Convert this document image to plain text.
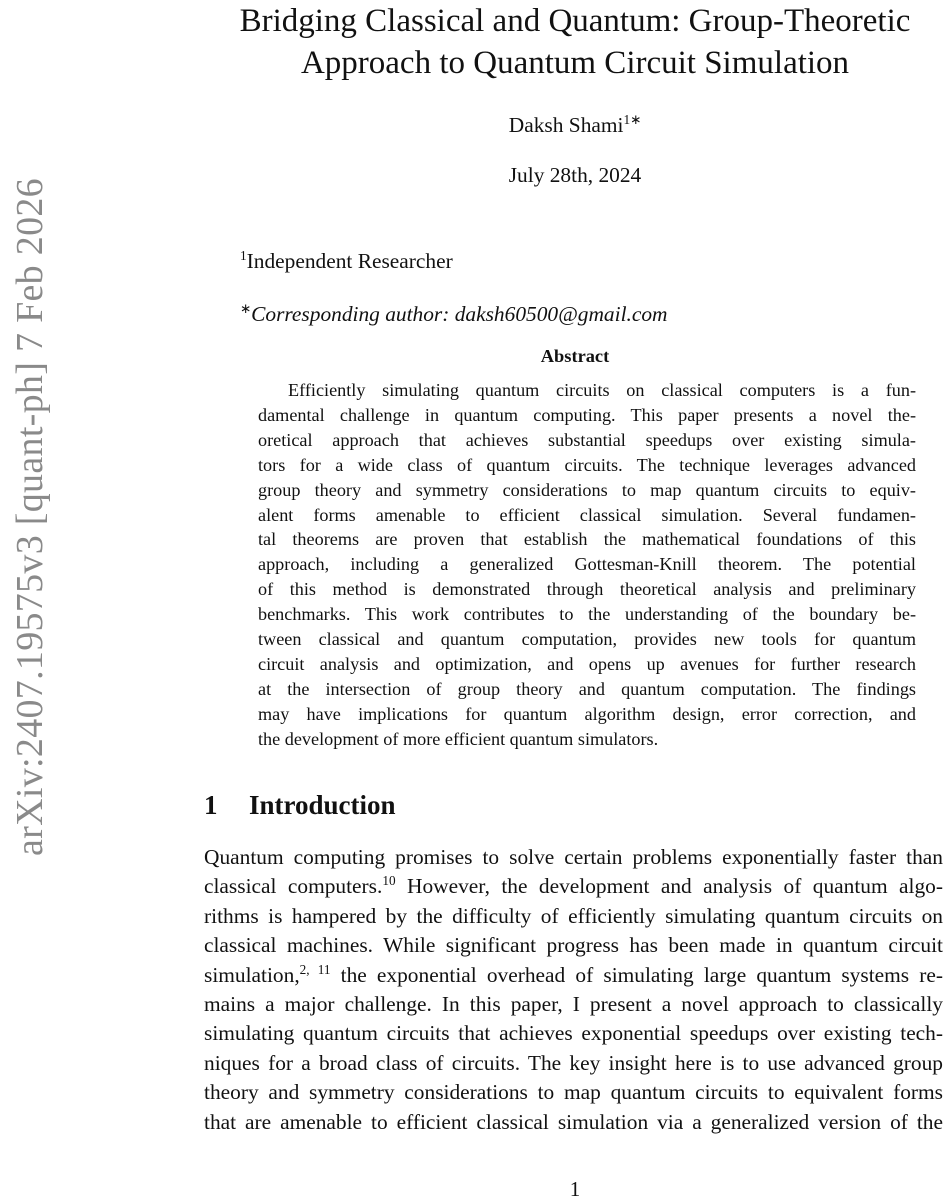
arXiv:2407.19575v3 [quant-ph] 7 Feb 2026
Bridging Classical and Quantum: Group-Theoretic
Approach to Quantum Circuit Simulation
Daksh Shami$^{1∗}$
July 28th, 2024
$^1$Independent Researcher
∗Corresponding author: daksh60500@gmail.com
Abstract
Efficiently simulating quantum circuits on classical computers is a fun-
damental challenge in quantum computing. This paper presents a novel the-
oretical approach that achieves substantial speedups over existing simula-
tors for a wide class of quantum circuits. The technique leverages advanced
group theory and symmetry considerations to map quantum circuits to equiv-
alent forms amenable to efficient classical simulation. Several fundamen-
tal theorems are proven that establish the mathematical foundations of this
approach, including a generalized Gottesman-Knill theorem. The potential
of this method is demonstrated through theoretical analysis and preliminary
benchmarks. This work contributes to the understanding of the boundary be-
tween classical and quantum computation, provides new tools for quantum
circuit analysis and optimization, and opens up avenues for further research
at the intersection of group theory and quantum computation. The findings
may have implications for quantum algorithm design, error correction, and
the development of more efficient quantum simulators.
1 Introduction
Quantum computing promises to solve certain problems exponentially faster than
classical computers.$^{10}$ However, the development and analysis of quantum algo-
rithms is hampered by the difficulty of efficiently simulating quantum circuits on
classical machines. While significant progress has been made in quantum circuit
simulation,$^{2, 11}$ the exponential overhead of simulating large quantum systems re-
mains a major challenge. In this paper, I present a novel approach to classically
simulating quantum circuits that achieves exponential speedups over existing tech-
niques for a broad class of circuits. The key insight here is to use advanced group
theory and symmetry considerations to map quantum circuits to equivalent forms
that are amenable to efficient classical simulation via a generalized version of the
1
